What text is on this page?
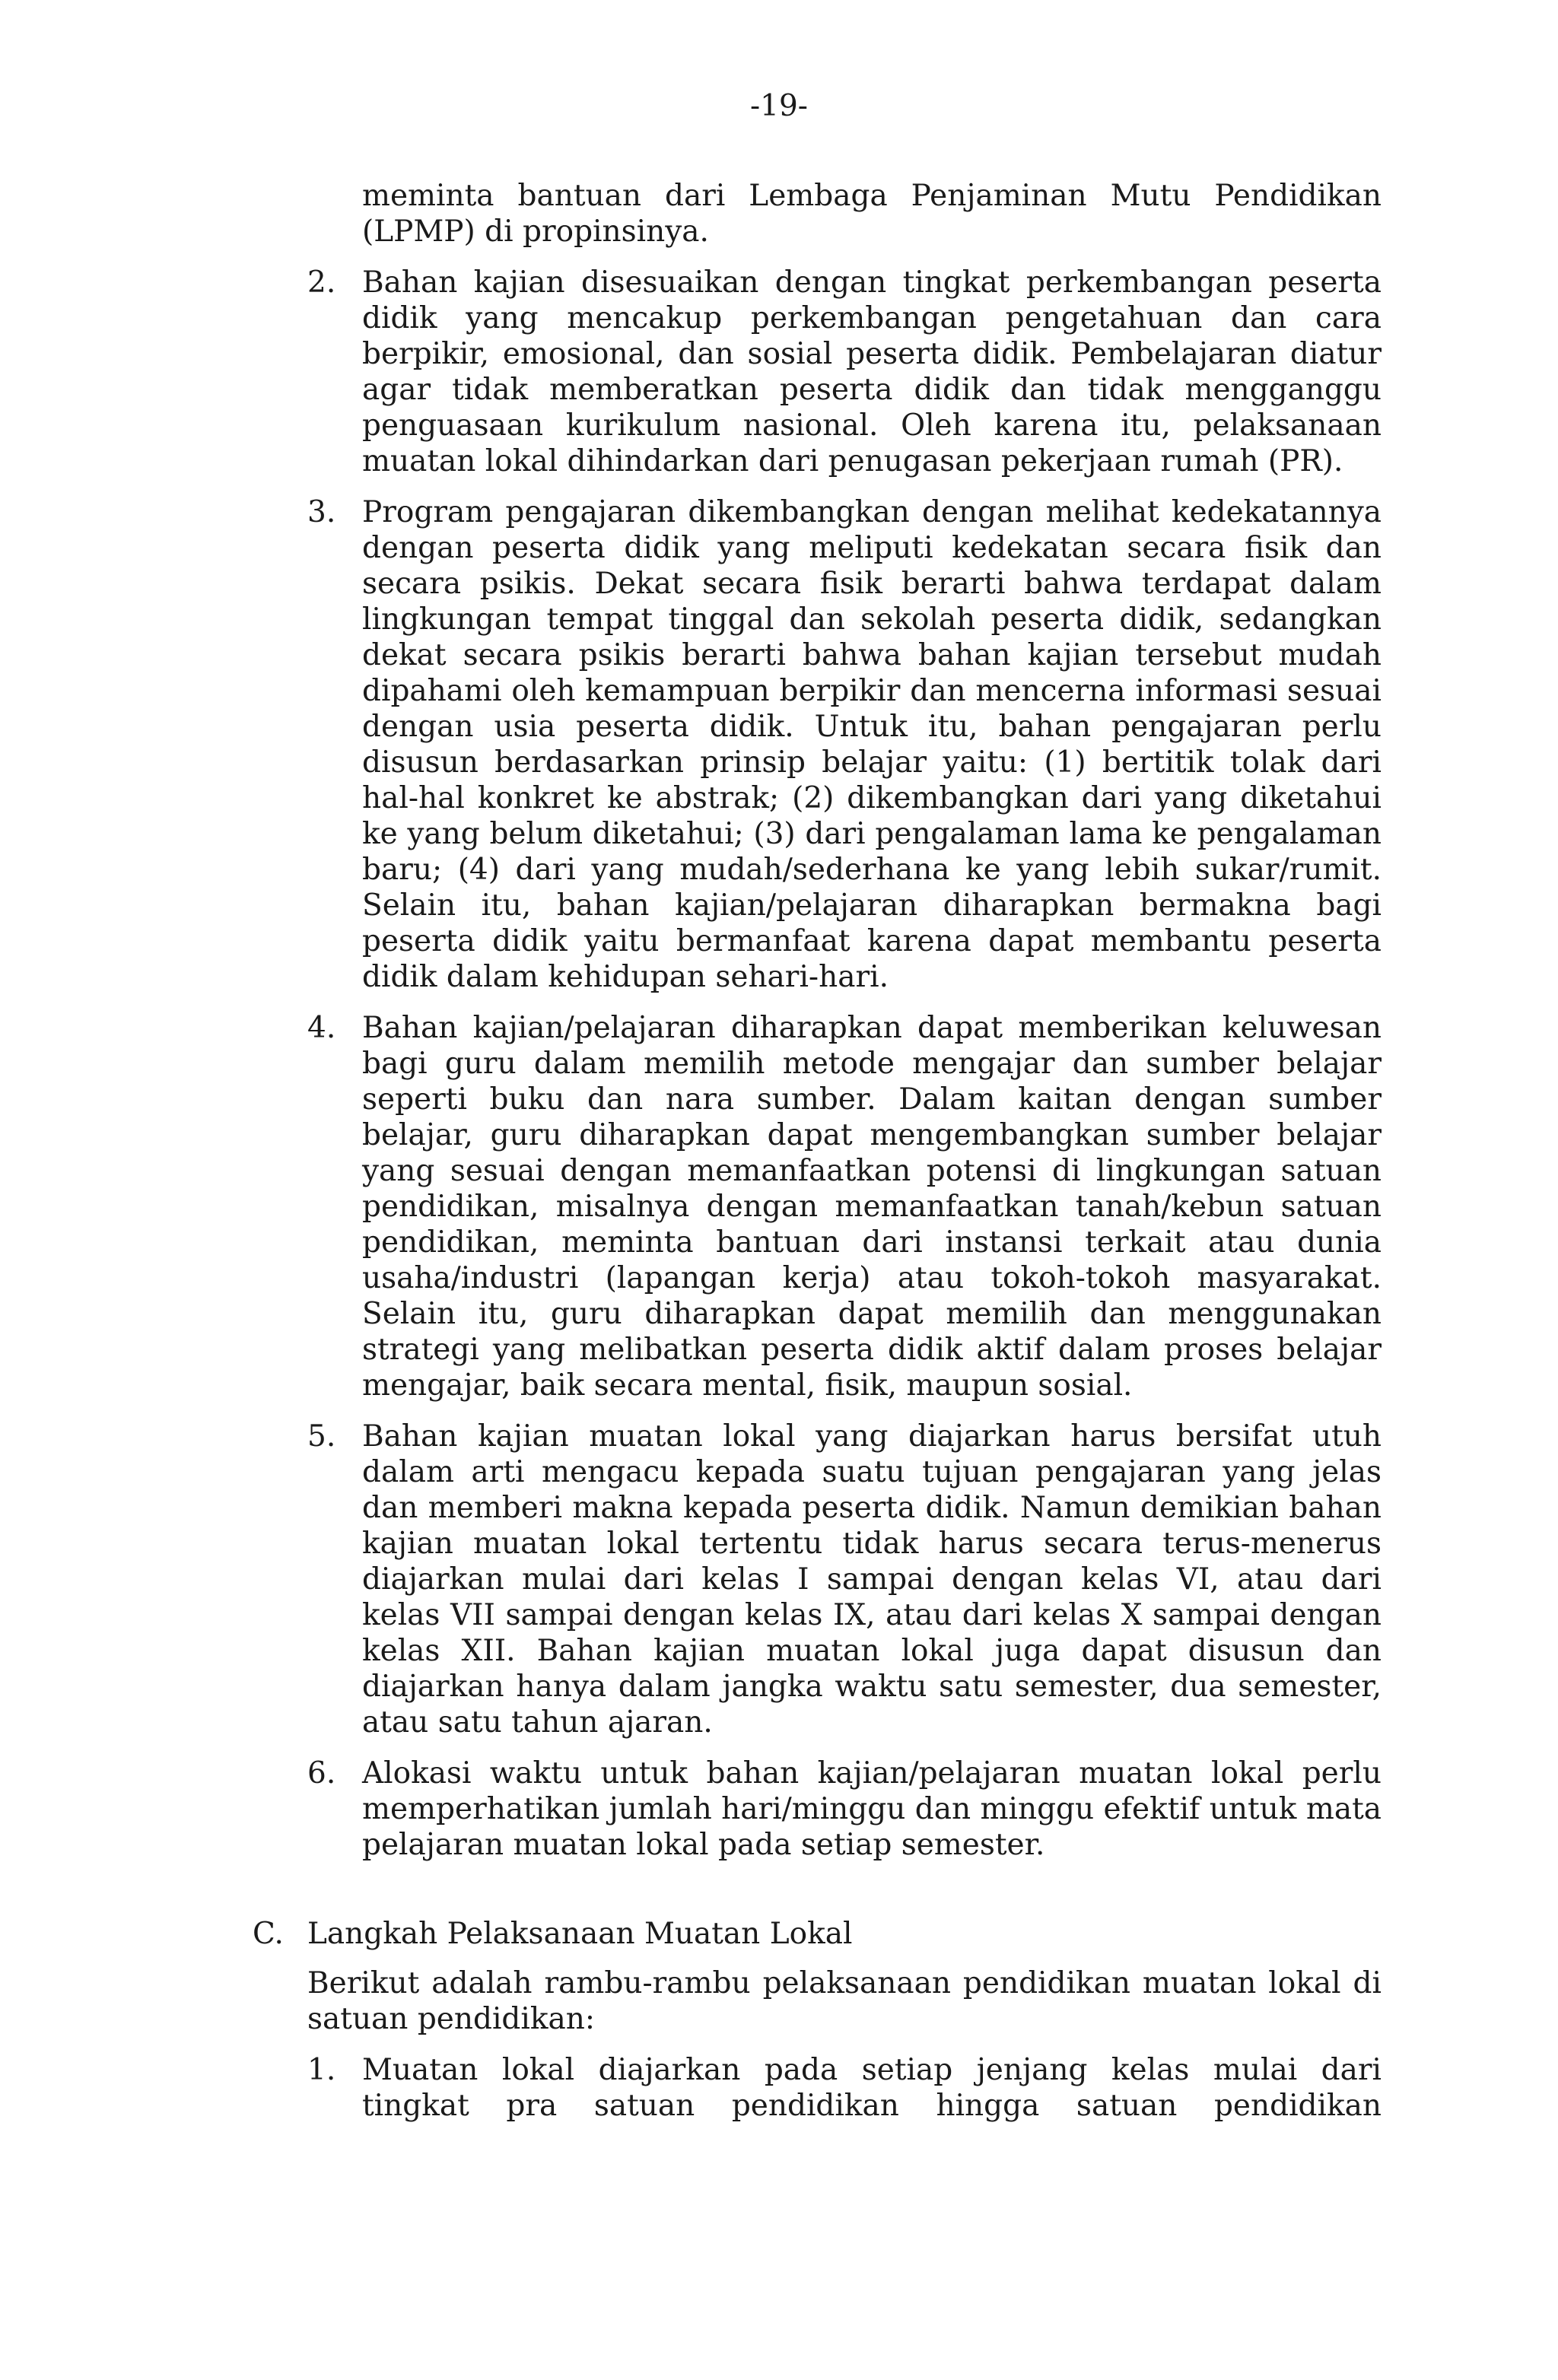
-19-

meminta bantuan dari Lembaga Penjaminan Mutu Pendidikan (LPMP) di propinsinya.

2. Bahan kajian disesuaikan dengan tingkat perkembangan peserta didik yang mencakup perkembangan pengetahuan dan cara berpikir, emosional, dan sosial peserta didik. Pembelajaran diatur agar tidak memberatkan peserta didik dan tidak mengganggu penguasaan kurikulum nasional. Oleh karena itu, pelaksanaan muatan lokal dihindarkan dari penugasan pekerjaan rumah (PR).
3. Program pengajaran dikembangkan dengan melihat kedekatannya dengan peserta didik yang meliputi kedekatan secara fisik dan secara psikis. Dekat secara fisik berarti bahwa terdapat dalam lingkungan tempat tinggal dan sekolah peserta didik, sedangkan dekat secara psikis berarti bahwa bahan kajian tersebut mudah dipahami oleh kemampuan berpikir dan mencerna informasi sesuai dengan usia peserta didik. Untuk itu, bahan pengajaran perlu disusun berdasarkan prinsip belajar yaitu: (1) bertitik tolak dari hal-hal konkret ke abstrak; (2) dikembangkan dari yang diketahui ke yang belum diketahui; (3) dari pengalaman lama ke pengalaman baru; (4) dari yang mudah/sederhana ke yang lebih sukar/rumit. Selain itu, bahan kajian/pelajaran diharapkan bermakna bagi peserta didik yaitu bermanfaat karena dapat membantu peserta didik dalam kehidupan sehari-hari.
4. Bahan kajian/pelajaran diharapkan dapat memberikan keluwesan bagi guru dalam memilih metode mengajar dan sumber belajar seperti buku dan nara sumber. Dalam kaitan dengan sumber belajar, guru diharapkan dapat mengembangkan sumber belajar yang sesuai dengan memanfaatkan potensi di lingkungan satuan pendidikan, misalnya dengan memanfaatkan tanah/kebun satuan pendidikan, meminta bantuan dari instansi terkait atau dunia usaha/industri (lapangan kerja) atau tokoh-tokoh masyarakat. Selain itu, guru diharapkan dapat memilih dan menggunakan strategi yang melibatkan peserta didik aktif dalam proses belajar mengajar, baik secara mental, fisik, maupun sosial.
5. Bahan kajian muatan lokal yang diajarkan harus bersifat utuh dalam arti mengacu kepada suatu tujuan pengajaran yang jelas dan memberi makna kepada peserta didik. Namun demikian bahan kajian muatan lokal tertentu tidak harus secara terus-menerus diajarkan mulai dari kelas I sampai dengan kelas VI, atau dari kelas VII sampai dengan kelas IX, atau dari kelas X sampai dengan kelas XII. Bahan kajian muatan lokal juga dapat disusun dan diajarkan hanya dalam jangka waktu satu semester, dua semester, atau satu tahun ajaran.
6. Alokasi waktu untuk bahan kajian/pelajaran muatan lokal perlu memperhatikan jumlah hari/minggu dan minggu efektif untuk mata pelajaran muatan lokal pada setiap semester.
C. Langkah Pelaksanaan Muatan Lokal

Berikut adalah rambu-rambu pelaksanaan pendidikan muatan lokal di satuan pendidikan:

1. Muatan lokal diajarkan pada setiap jenjang kelas mulai dari tingkat pra satuan pendidikan hingga satuan pendidikan
